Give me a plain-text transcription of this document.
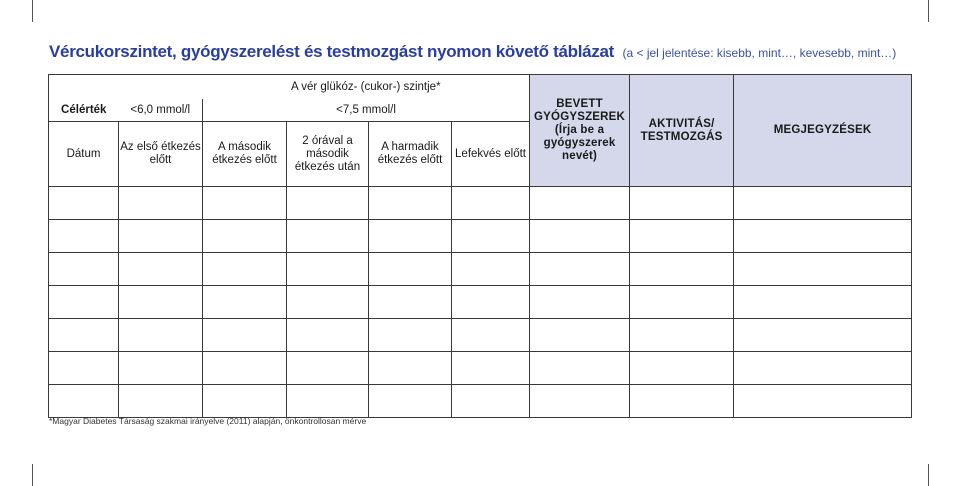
Vércukorszintet, gyógyszerelést és testmozgást nyomon követő táblázat (a < jel jelentése: kisebb, mint…, kevesebb, mint…)
		A vér glükóz- (cukor-) szintje*				BEVETT GYÓGYSZEREK (Írja be a gyógyszerek nevét)	AKTIVITÁS/ TESTMOZGÁS	MEGJEGYZÉSEK
Célérték	<6,0 mmol/l	<7,5 mmol/l						
Dátum	Az első étkezés előtt	A második étkezés előtt	2 órával a második étkezés után	A harmadik étkezés előtt	Lefekvés előtt			

*Magyar Diabetes Társaság szakmai irányelve (2011) alapján, önkontrollosan mérve
